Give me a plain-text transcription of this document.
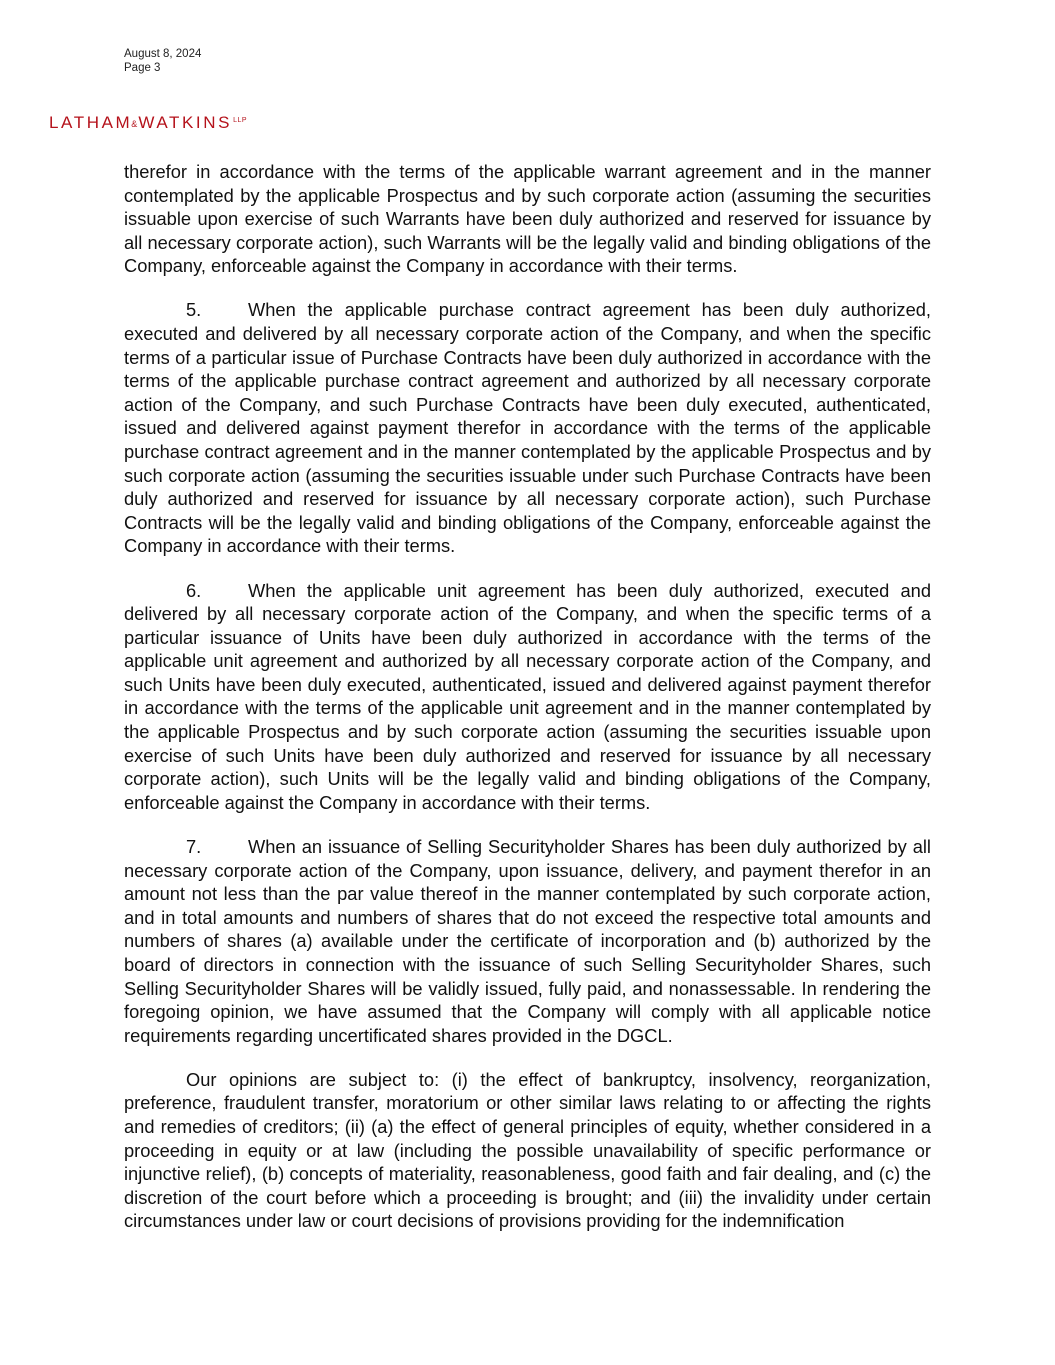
August 8, 2024
Page 3
$LATHAM\&WATKINS^{LLP}$

therefor in accordance with the terms of the applicable warrant agreement and in the manner contemplated by the applicable Prospectus and by such corporate action (assuming the securities issuable upon exercise of such Warrants have been duly authorized and reserved for issuance by all necessary corporate action), such Warrants will be the legally valid and binding obligations of the Company, enforceable against the Company in accordance with their terms.

5.	When the applicable purchase contract agreement has been duly authorized, executed and delivered by all necessary corporate action of the Company, and when the specific terms of a particular issue of Purchase Contracts have been duly authorized in accordance with the terms of the applicable purchase contract agreement and authorized by all necessary corporate action of the Company, and such Purchase Contracts have been duly executed, authenticated, issued and delivered against payment therefor in accordance with the terms of the applicable purchase contract agreement and in the manner contemplated by the applicable Prospectus and by such corporate action (assuming the securities issuable under such Purchase Contracts have been duly authorized and reserved for issuance by all necessary corporate action), such Purchase Contracts will be the legally valid and binding obligations of the Company, enforceable against the Company in accordance with their terms.

6.	When the applicable unit agreement has been duly authorized, executed and delivered by all necessary corporate action of the Company, and when the specific terms of a particular issuance of Units have been duly authorized in accordance with the terms of the applicable unit agreement and authorized by all necessary corporate action of the Company, and such Units have been duly executed, authenticated, issued and delivered against payment therefor in accordance with the terms of the applicable unit agreement and in the manner contemplated by the applicable Prospectus and by such corporate action (assuming the securities issuable upon exercise of such Units have been duly authorized and reserved for issuance by all necessary corporate action), such Units will be the legally valid and binding obligations of the Company, enforceable against the Company in accordance with their terms.

7.	When an issuance of Selling Securityholder Shares has been duly authorized by all necessary corporate action of the Company, upon issuance, delivery, and payment therefor in an amount not less than the par value thereof in the manner contemplated by such corporate action, and in total amounts and numbers of shares that do not exceed the respective total amounts and numbers of shares (a) available under the certificate of incorporation and (b) authorized by the board of directors in connection with the issuance of such Selling Securityholder Shares, such Selling Securityholder Shares will be validly issued, fully paid, and nonassessable. In rendering the foregoing opinion, we have assumed that the Company will comply with all applicable notice requirements regarding uncertificated shares provided in the DGCL.

Our opinions are subject to: (i) the effect of bankruptcy, insolvency, reorganization, preference, fraudulent transfer, moratorium or other similar laws relating to or affecting the rights and remedies of creditors; (ii) (a) the effect of general principles of equity, whether considered in a proceeding in equity or at law (including the possible unavailability of specific performance or injunctive relief), (b) concepts of materiality, reasonableness, good faith and fair dealing, and (c) the discretion of the court before which a proceeding is brought; and (iii) the invalidity under certain circumstances under law or court decisions of provisions providing for the indemnification
